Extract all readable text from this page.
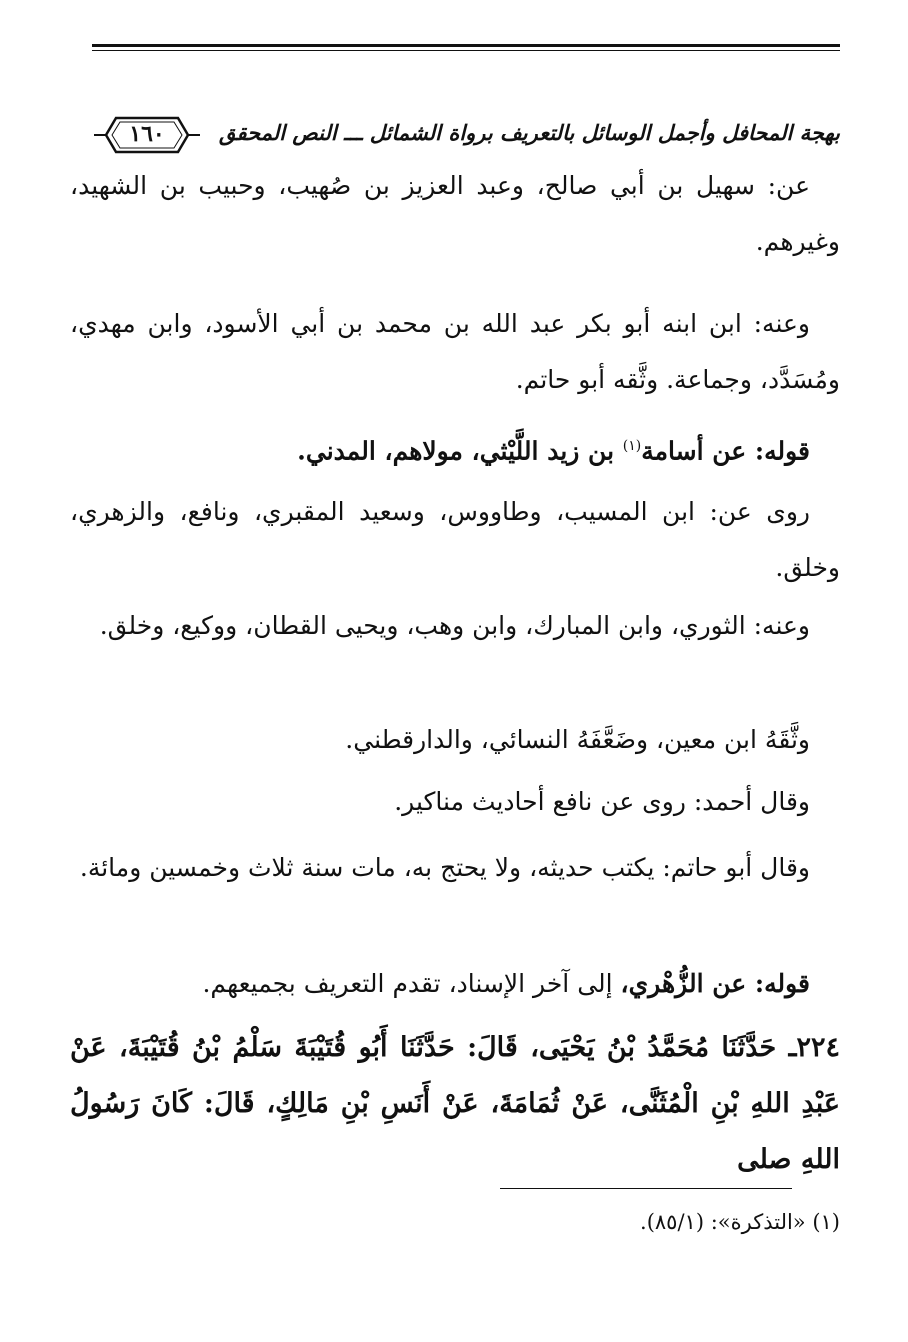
بهجة المحافل وأجمل الوسائل بالتعريف برواة الشمائل ـــ النص المحقق
١٦٠

عن: سهيل بن أبي صالح، وعبد العزيز بن صُهيب، وحبيب بن الشهيد، وغيرهم.

وعنه: ابن ابنه أبو بكر عبد الله بن محمد بن أبي الأسود، وابن مهدي، ومُسَدَّد، وجماعة. وثَّقه أبو حاتم.

قوله: عن أسامة$^{(١)}$ بن زيد اللَّيْثي، مولاهم، المدني.

روى عن: ابن المسيب، وطاووس، وسعيد المقبري، ونافع، والزهري، وخلق.

وعنه: الثوري، وابن المبارك، وابن وهب، ويحيى القطان، ووكيع، وخلق.

وثَّقَهُ ابن معين، وضَعَّفَهُ النسائي، والدارقطني.

وقال أحمد: روى عن نافع أحاديث مناكير.

وقال أبو حاتم: يكتب حديثه، ولا يحتج به، مات سنة ثلاث وخمسين ومائة.

قوله: عن الزُّهْري، إلى آخر الإسناد، تقدم التعريف بجميعهم.

٢٢٤ـ حَدَّثَنَا مُحَمَّدُ بْنُ يَحْيَى، قَالَ: حَدَّثَنَا أَبُو قُتَيْبَةَ سَلْمُ بْنُ قُتَيْبَةَ، عَنْ عَبْدِ اللهِ بْنِ الْمُثَنَّى، عَنْ ثُمَامَةَ، عَنْ أَنَسِ بْنِ مَالِكٍ، قَالَ: كَانَ رَسُولُ اللهِ صلى

(١) «التذكرة»: (٨٥/١).
